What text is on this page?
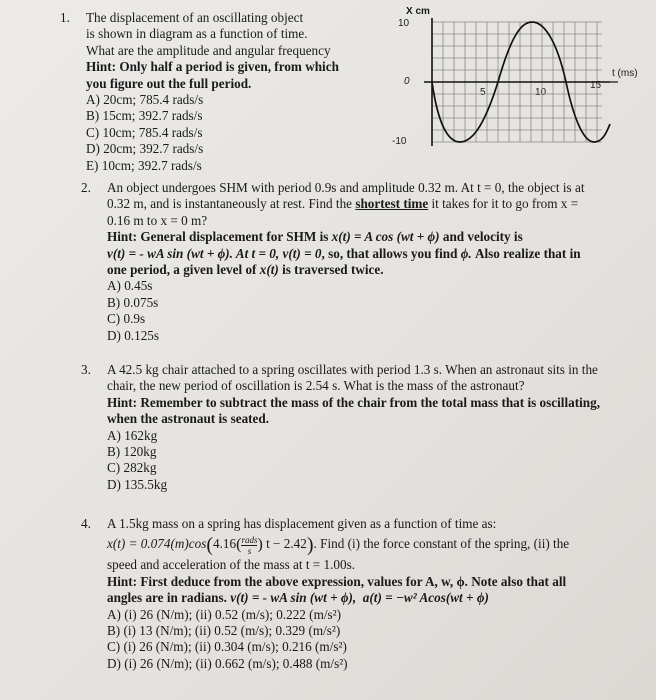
1. The displacement of an oscillating object
is shown in diagram as a function of time.
What are the amplitude and angular frequency
Hint: Only half a period is given, from which
you figure out the full period.
A) 20cm; 785.4 rads/s
B) 15cm; 392.7 rads/s
C) 10cm; 785.4 rads/s
D) 20cm; 392.7 rads/s
E) 10cm; 392.7 rads/s
X cm
10
0
-10
t (ms)
5	10
15
2. An object undergoes SHM with period 0.9s and amplitude 0.32 m. At t = 0, the object is at
0.32 m, and is instantaneously at rest. Find the shortest time it takes for it to go from x =
0.16 m to x = 0 m?
Hint: General displacement for SHM is x(t) = A cos (wt + ϕ) and velocity is
v(t) = - wA sin (wt + ϕ). At t = 0, v(t) = 0, so, that allows you find ϕ. Also realize that in
one period, a given level of x(t) is traversed twice.
A) 0.45s
B) 0.075s
C) 0.9s
D) 0.125s
3. A 42.5 kg chair attached to a spring oscillates with period 1.3 s. When an astronaut sits in the
chair, the new period of oscillation is 2.54 s. What is the mass of the astronaut?
Hint: Remember to subtract the mass of the chair from the total mass that is oscillating,
when the astronaut is seated.
A) 162kg
B) 120kg
C) 282kg
D) 135.5kg
4. A 1.5kg mass on a spring has displacement given as a function of time as:
$x(t) = 0.074(m)\cos(4.16( \frac{\text{rads}}{s}$ ) t − 2.42). Find (i) the force constant of the spring, (ii) the
speed and acceleration of the mass at t = 1.00s.
Hint: First deduce from the above expression, values for A, w, ϕ. Note also that all
angles are in radians. v(t) = - wA sin (wt + ϕ), a(t) = −w² Acos(wt + ϕ)
A) (i) 26 (N/m); (ii) 0.52 (m/s); 0.222 (m/s²)
B) (i) 13 (N/m); (ii) 0.52 (m/s); 0.329 (m/s²)
C) (i) 26 (N/m); (ii) 0.304 (m/s); 0.216 (m/s²)
D) (i) 26 (N/m); (ii) 0.662 (m/s); 0.488 (m/s²)
